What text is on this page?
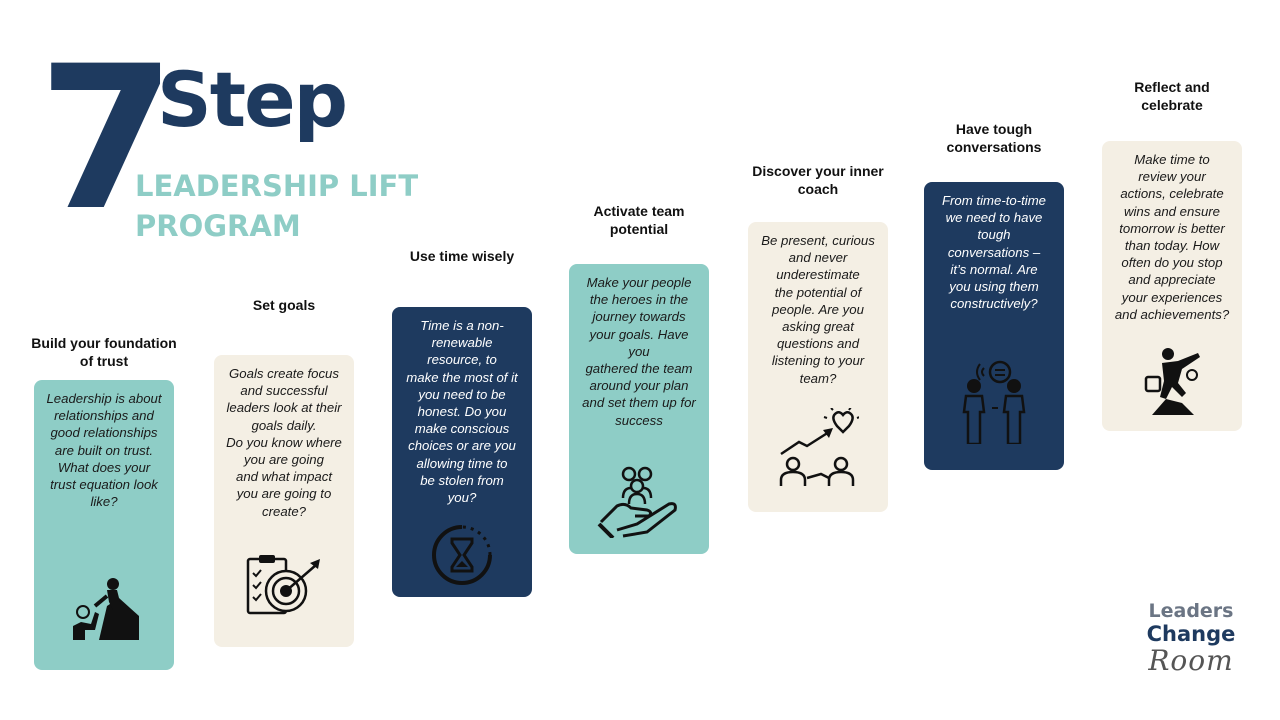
7
Step
LEADERSHIP LIFT
PROGRAM
Build your foundation of trust
Leadership is about
relationships and
good relationships
are built on trust.
What does your
trust equation look
like?
Set goals
Goals create focus
and successful
leaders look at their
goals daily.
Do you know where
you are going
and what impact
you are going to
create?
Use time wisely
Time is a non-
renewable
resource, to
make the most of it
you need to be
honest. Do you
make conscious
choices or are you
allowing time to
be stolen from
you?
Activate team potential
Make your people
the heroes in the
journey towards
your goals. Have
you
gathered the team
around your plan
and set them up for
success
Discover your inner coach
Be present, curious
and never
underestimate
the potential of
people. Are you
asking great
questions and
listening to your
team?
Have tough conversations
From time-to-time
we need to have
tough
conversations –
it’s normal. Are
you using them
constructively?
Reflect and celebrate
Make time to
review your
actions, celebrate
wins and ensure
tomorrow is better
than today. How
often do you stop
and appreciate
your experiences
and achievements?
Leaders
Change
Room
